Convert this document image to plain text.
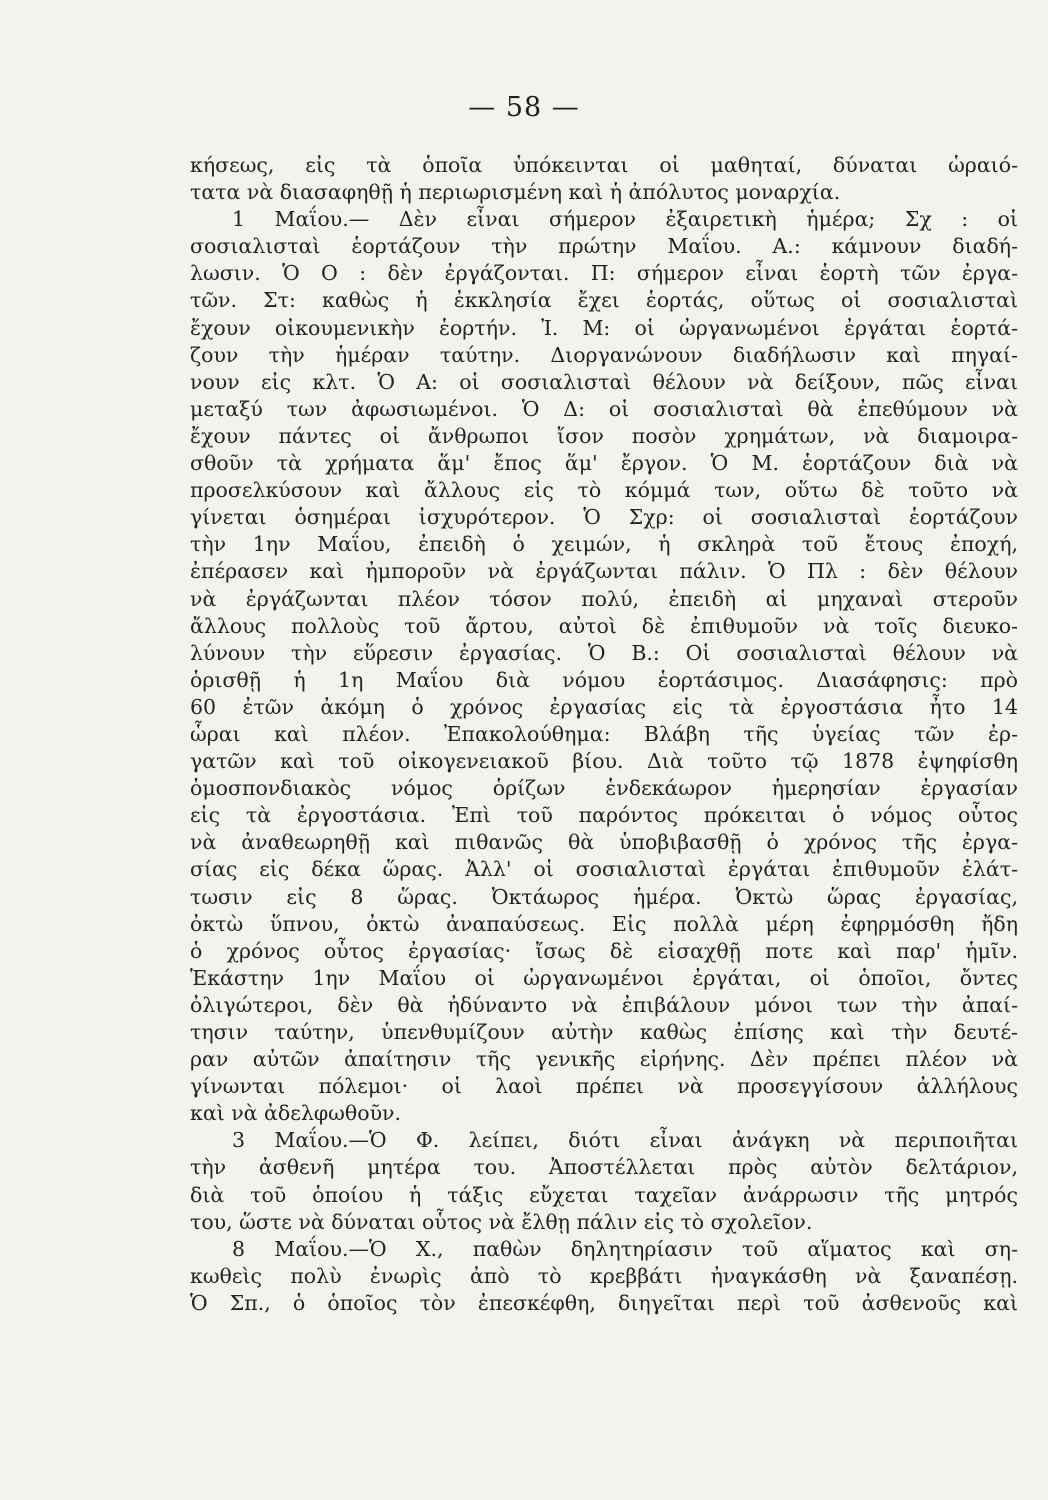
— 58 —
κήσεως, εἰς τὰ ὁποῖα ὑπόκεινται οἱ μαθηταί, δύναται ὡραιό-
τατα νὰ διασαφηθῇ ἡ περιωρισμένη καὶ ἡ ἀπόλυτος μοναρχία.
1 Μαΐου.— Δὲν εἶναι σήμερον ἐξαιρετικὴ ἡμέρα; Σχ : οἱ
σοσιαλισταὶ ἑορτάζουν τὴν πρώτην Μαΐου. Α.: κάμνουν διαδή-
λωσιν. Ὁ Ο : δὲν ἐργάζονται. Π: σήμερον εἶναι ἑορτὴ τῶν ἐργα-
τῶν. Στ: καθὼς ἡ ἐκκλησία ἔχει ἑορτάς, οὕτως οἱ σοσιαλισταὶ
ἔχουν οἰκουμενικὴν ἑορτήν. Ἰ. Μ: οἱ ὠργανωμένοι ἐργάται ἑορτά-
ζουν τὴν ἡμέραν ταύτην. Διοργανώνουν διαδήλωσιν καὶ πηγαί-
νουν εἰς κλτ. Ὁ Α: οἱ σοσιαλισταὶ θέλουν νὰ δείξουν, πῶς εἶναι
μεταξύ των ἀφωσιωμένοι. Ὁ Δ: οἱ σοσιαλισταὶ θὰ ἐπεθύμουν νὰ
ἔχουν πάντες οἱ ἄνθρωποι ἴσον ποσὸν χρημάτων, νὰ διαμοιρα-
σθοῦν τὰ χρήματα ἅμ' ἔπος ἅμ' ἔργον. Ὁ Μ. ἑορτάζουν διὰ νὰ
προσελκύσουν καὶ ἄλλους εἰς τὸ κόμμά των, οὕτω δὲ τοῦτο νὰ
γίνεται ὁσημέραι ἰσχυρότερον. Ὁ Σχρ: οἱ σοσιαλισταὶ ἑορτάζουν
τὴν 1ην Μαΐου, ἐπειδὴ ὁ χειμών, ἡ σκληρὰ τοῦ ἔτους ἐποχή,
ἐπέρασεν καὶ ἠμποροῦν νὰ ἐργάζωνται πάλιν. Ὁ Πλ : δὲν θέλουν
νὰ ἐργάζωνται πλέον τόσον πολύ, ἐπειδὴ αἱ μηχαναὶ στεροῦν
ἄλλους πολλοὺς τοῦ ἄρτου, αὐτοὶ δὲ ἐπιθυμοῦν νὰ τοῖς διευκο-
λύνουν τὴν εὕρεσιν ἐργασίας. Ὁ Β.: Οἱ σοσιαλισταὶ θέλουν νὰ
ὁρισθῇ ἡ 1η Μαΐου διὰ νόμου ἑορτάσιμος. Διασάφησις: πρὸ
60 ἐτῶν ἀκόμη ὁ χρόνος ἐργασίας εἰς τὰ ἐργοστάσια ἦτο 14
ὧραι καὶ πλέον. Ἐπακολούθημα: Βλάβη τῆς ὑγείας τῶν ἐρ-
γατῶν καὶ τοῦ οἰκογενειακοῦ βίου. Διὰ τοῦτο τῷ 1878 ἐψηφίσθη
ὁμοσπονδιακὸς νόμος ὁρίζων ἑνδεκάωρον ἡμερησίαν ἐργασίαν
εἰς τὰ ἐργοστάσια. Ἐπὶ τοῦ παρόντος πρόκειται ὁ νόμος οὗτος
νὰ ἀναθεωρηθῇ καὶ πιθανῶς θὰ ὑποβιβασθῇ ὁ χρόνος τῆς ἐργα-
σίας εἰς δέκα ὥρας. Ἀλλ' οἱ σοσιαλισταὶ ἐργάται ἐπιθυμοῦν ἐλάτ-
τωσιν εἰς 8 ὥρας. Ὀκτάωρος ἡμέρα. Ὀκτὼ ὥρας ἐργασίας,
ὀκτὼ ὕπνου, ὀκτὼ ἀναπαύσεως. Εἰς πολλὰ μέρη ἐφηρμόσθη ἤδη
ὁ χρόνος οὗτος ἐργασίας· ἴσως δὲ εἰσαχθῇ ποτε καὶ παρ' ἡμῖν.
Ἑκάστην 1ην Μαΐου οἱ ὠργανωμένοι ἐργάται, οἱ ὁποῖοι, ὄντες
ὀλιγώτεροι, δὲν θὰ ἠδύναντο νὰ ἐπιβάλουν μόνοι των τὴν ἀπαί-
τησιν ταύτην, ὑπενθυμίζουν αὐτὴν καθὼς ἐπίσης καὶ τὴν δευτέ-
ραν αὐτῶν ἀπαίτησιν τῆς γενικῆς εἰρήνης. Δὲν πρέπει πλέον νὰ
γίνωνται πόλεμοι· οἱ λαοὶ πρέπει νὰ προσεγγίσουν ἀλλήλους
καὶ νὰ ἀδελφωθοῦν.
3 Μαΐου.—Ὁ Φ. λείπει, διότι εἶναι ἀνάγκη νὰ περιποιῆται
τὴν ἀσθενῆ μητέρα του. Ἀποστέλλεται πρὸς αὐτὸν δελτάριον,
διὰ τοῦ ὁποίου ἡ τάξις εὔχεται ταχεῖαν ἀνάρρωσιν τῆς μητρός
του, ὥστε νὰ δύναται οὗτος νὰ ἔλθῃ πάλιν εἰς τὸ σχολεῖον.
8 Μαΐου.—Ὁ Χ., παθὼν δηλητηρίασιν τοῦ αἵματος καὶ ση-
κωθεὶς πολὺ ἐνωρὶς ἀπὸ τὸ κρεββάτι ἠναγκάσθη νὰ ξαναπέσῃ.
Ὁ Σπ., ὁ ὁποῖος τὸν ἐπεσκέφθη, διηγεῖται περὶ τοῦ ἀσθενοῦς καὶ
